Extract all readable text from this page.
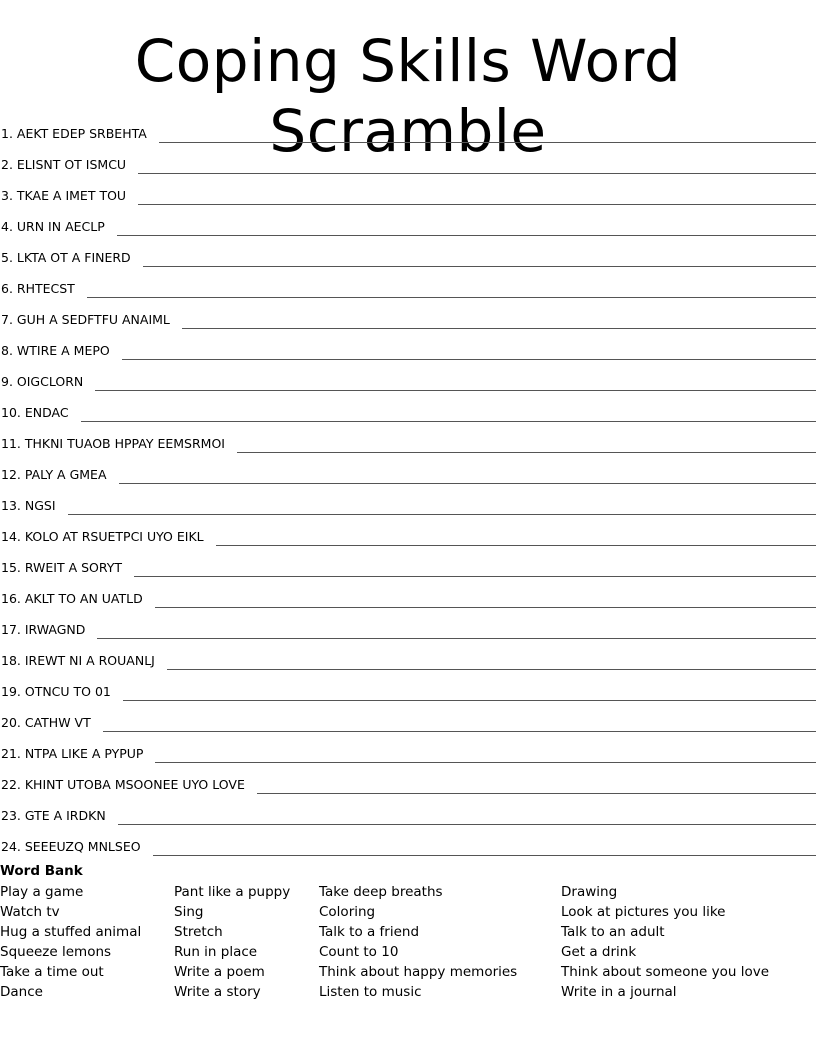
Coping Skills Word Scramble
1. AEKT EDEP SRBEHTA
2. ELISNT OT ISMCU
3. TKAE A IMET TOU
4. URN IN AECLP
5. LKTA OT A FINERD
6. RHTECST
7. GUH A SEDFTFU ANAIML
8. WTIRE A MEPO
9. OIGCLORN
10. ENDAC
11. THKNI TUAOB HPPAY EEMSRMOI
12. PALY A GMEA
13. NGSI
14. KOLO AT RSUETPCI UYO EIKL
15. RWEIT A SORYT
16. AKLT TO AN UATLD
17. IRWAGND
18. IREWT NI A ROUANLJ
19. OTNCU TO 01
20. CATHW VT
21. NTPA LIKE A PYPUP
22. KHINT UTOBA MSOONEE UYO LOVE
23. GTE A IRDKN
24. SEEEUZQ MNLSEO
Word Bank
Play a game
Watch tv
Hug a stuffed animal
Squeeze lemons
Take a time out
Dance
Pant like a puppy
Sing
Stretch
Run in place
Write a poem
Write a story
Take deep breaths
Coloring
Talk to a friend
Count to 10
Think about happy memories
Listen to music
Drawing
Look at pictures you like
Talk to an adult
Get a drink
Think about someone you love
Write in a journal
